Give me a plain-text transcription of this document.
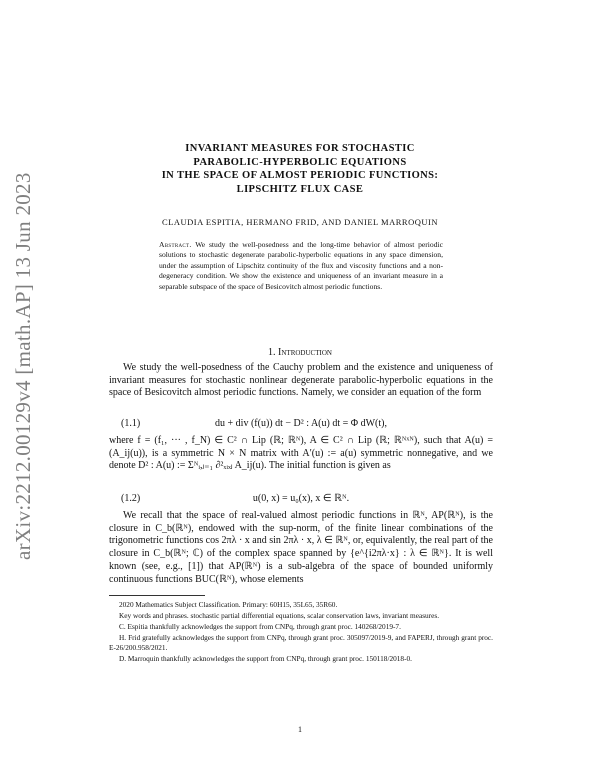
arXiv:2212.00129v4 [math.AP] 13 Jun 2023
INVARIANT MEASURES FOR STOCHASTIC
PARABOLIC-HYPERBOLIC EQUATIONS
IN THE SPACE OF ALMOST PERIODIC FUNCTIONS:
LIPSCHITZ FLUX CASE
CLAUDIA ESPITIA, HERMANO FRID, AND DANIEL MARROQUIN
Abstract. We study the well-posedness and the long-time behavior of almost periodic solutions to stochastic degenerate parabolic-hyperbolic equations in any space dimension, under the assumption of Lipschitz continuity of the flux and viscosity functions and a non-degeneracy condition. We show the existence and uniqueness of an invariant measure in a separable subspace of the space of Besicovitch almost periodic functions.
1. Introduction
We study the well-posedness of the Cauchy problem and the existence and uniqueness of invariant measures for stochastic nonlinear degenerate parabolic-hyperbolic equations in the space of Besicovitch almost periodic functions. Namely, we consider an equation of the form
(1.1)	du + div (f(u)) dt − D² : A(u) dt = Φ dW(t),
where f = (f₁, ··· , f_N) ∈ C² ∩ Lip (ℝ; ℝᴺ), A ∈ C² ∩ Lip (ℝ; ℝᴺˣᴺ), such that A(u) = (A_ij(u)), is a symmetric N × N matrix with A′(u) := a(u) symmetric nonnegative, and we denote D² : A(u) := Σᴺᵢ,ⱼ₌₁ ∂²ₓᵢₓⱼ A_ij(u). The initial function is given as
(1.2)	u(0, x) = u₀(x), x ∈ ℝᴺ.
We recall that the space of real-valued almost periodic functions in ℝᴺ, AP(ℝᴺ), is the closure in C_b(ℝᴺ), endowed with the sup-norm, of the finite linear combinations of the trigonometric functions cos 2πλ · x and sin 2πλ · x, λ ∈ ℝᴺ, or, equivalently, the real part of the closure in C_b(ℝᴺ; ℂ) of the complex space spanned by {e^{i2πλ·x} : λ ∈ ℝᴺ}. It is well known (see, e.g., [1]) that AP(ℝᴺ) is a sub-algebra of the space of bounded uniformly continuous functions BUC(ℝᴺ), whose elements

2020 Mathematics Subject Classification. Primary: 60H15, 35L65, 35R60.

Key words and phrases. stochastic partial differential equations, scalar conservation laws, invariant measures.

C. Espitia thankfully acknowledges the support from CNPq, through grant proc. 140268/2019-7.

H. Frid gratefully acknowledges the support from CNPq, through grant proc. 305097/2019-9, and FAPERJ, through grant proc. E-26/200.958/2021.

D. Marroquin thankfully acknowledges the support from CNPq, through grant proc. 150118/2018-0.

1
